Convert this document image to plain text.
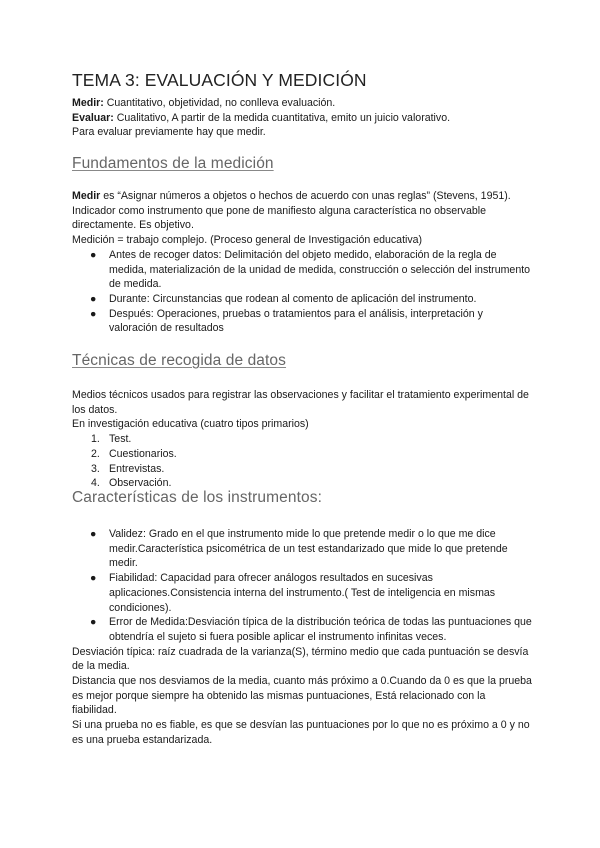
TEMA 3: EVALUACIÓN Y MEDICIÓN

Medir: Cuantitativo, objetividad, no conlleva evaluación.

Evaluar: Cualitativo, A partir de la medida cuantitativa, emito un juicio valorativo.

Para evaluar previamente hay que medir.

Fundamentos de la medición

Medir es “Asignar números a objetos o hechos de acuerdo con unas reglas” (Stevens, 1951).

Indicador como instrumento que pone de manifiesto alguna característica no observable directamente. Es objetivo.

Medición = trabajo complejo. (Proceso general de Investigación educativa)

● Antes de recoger datos: Delimitación del objeto medido, elaboración de la regla de medida, materialización de la unidad de medida, construcción o selección del instrumento de medida.
● Durante: Circunstancias que rodean al comento de aplicación del instrumento.
● Después: Operaciones, pruebas o tratamientos para el análisis, interpretación y valoración de resultados
Técnicas de recogida de datos

Medios técnicos usados para registrar las observaciones y facilitar el tratamiento experimental de los datos.

En investigación educativa (cuatro tipos primarios)

1. Test.
2. Cuestionarios.
3. Entrevistas.
4. Observación.
Características de los instrumentos:
● Validez: Grado en el que instrumento mide lo que pretende medir o lo que me dice medir.Característica psicométrica de un test estandarizado que mide lo que pretende medir.
● Fiabilidad: Capacidad para ofrecer análogos resultados en sucesivas aplicaciones.Consistencia interna del instrumento.( Test de inteligencia en mismas condiciones).
● Error de Medida:Desviación típica de la distribución teórica de todas las puntuaciones que obtendría el sujeto si fuera posible aplicar el instrumento infinitas veces.

Desviación típica: raíz cuadrada de la varianza(S), término medio que cada puntuación se desvía de la media.

Distancia que nos desviamos de la media, cuanto más próximo a 0.Cuando da 0 es que la prueba es mejor porque siempre ha obtenido las mismas puntuaciones, Está relacionado con la fiabilidad.

Si una prueba no es fiable, es que se desvían las puntuaciones por lo que no es próximo a 0 y no es una prueba estandarizada.
